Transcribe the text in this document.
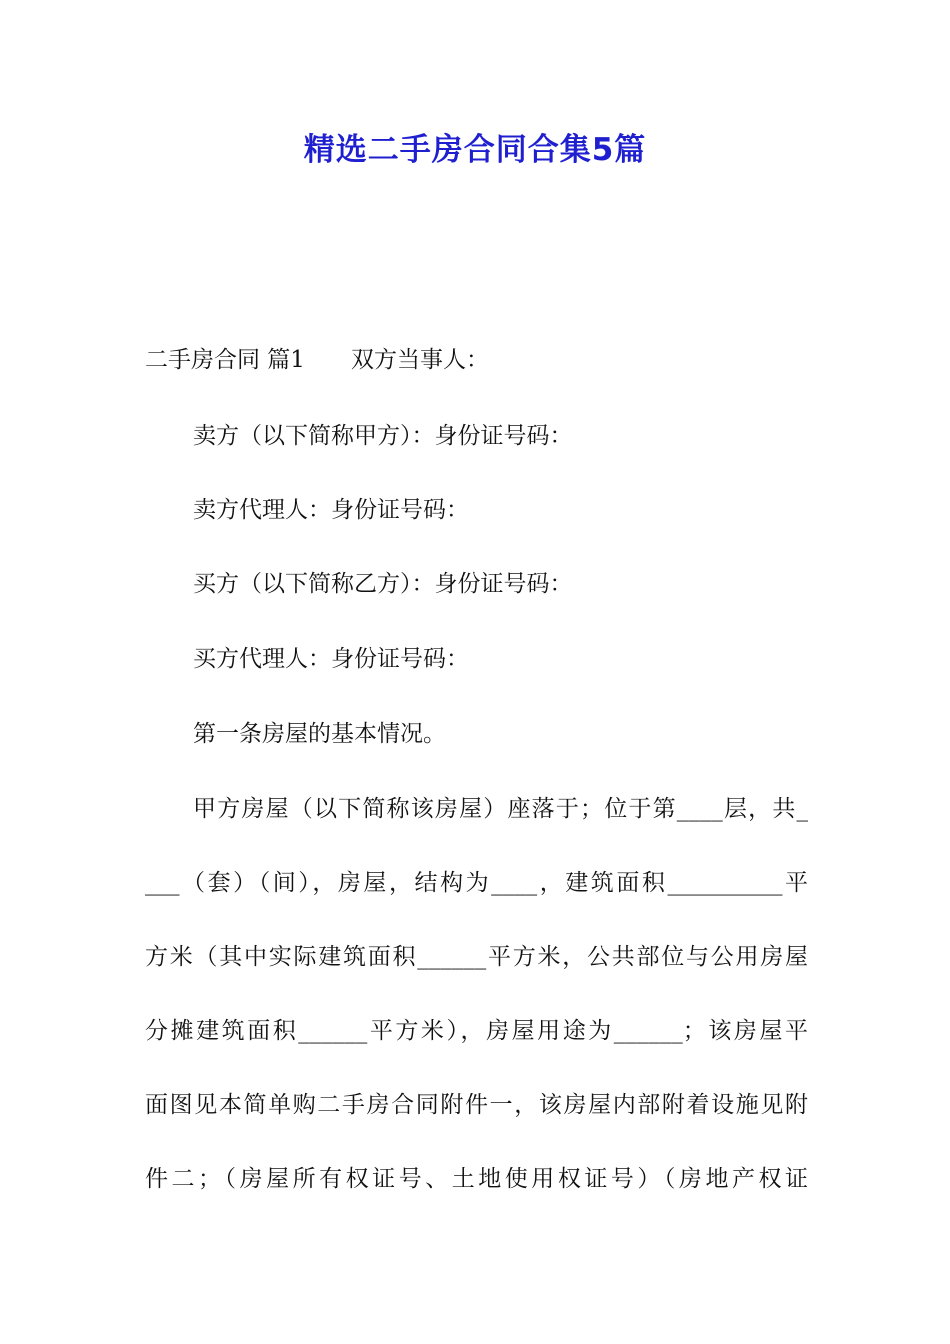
精选二手房合同合集5篇

二手房合同 篇1 双方当事人：

卖方（以下简称甲方）：身份证号码：

卖方代理人：身份证号码：

买方（以下简称乙方）：身份证号码：

买方代理人：身份证号码：

第一条房屋的基本情况。

甲方房屋（以下简称该房屋）座落于；位于第____层，共_
___（套）（间），房屋，结构为____，建筑面积__________平
方米（其中实际建筑面积______平方米，公共部位与公用房屋
分摊建筑面积______平方米），房屋用途为______；该房屋平
面图见本简单购二手房合同附件一，该房屋内部附着设施见附
件二；（房屋所有权证号、土地使用权证号）（房地产权证
